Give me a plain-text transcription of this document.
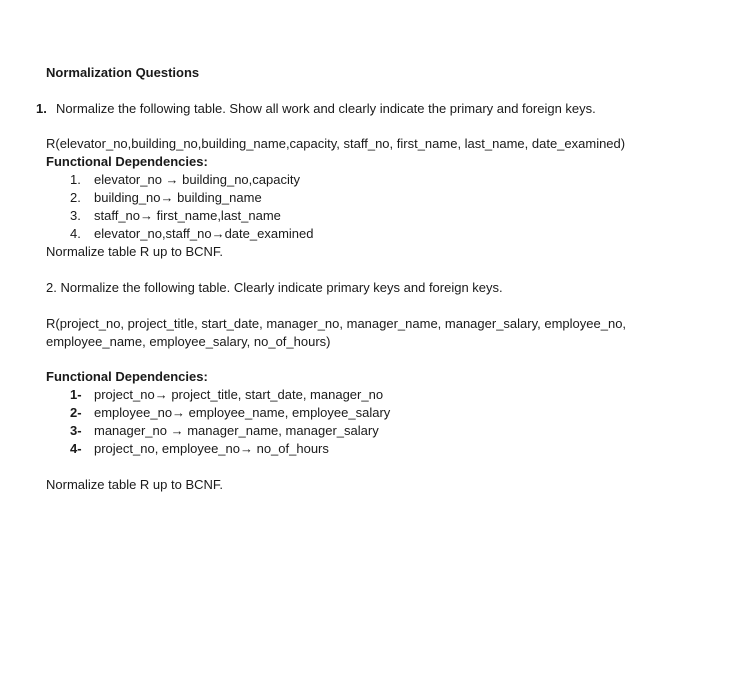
Normalization Questions
1. Normalize the following table. Show all work and clearly indicate the primary and foreign keys.
R(elevator_no,building_no,building_name,capacity, staff_no, first_name, last_name, date_examined)
Functional Dependencies:
1. elevator_no → building_no,capacity
2. building_no→ building_name
3. staff_no→ first_name,last_name
4. elevator_no,staff_no→date_examined
Normalize table R up to BCNF.
2. Normalize the following table. Clearly indicate primary keys and foreign keys.
R(project_no, project_title, start_date, manager_no, manager_name, manager_salary, employee_no,
employee_name, employee_salary, no_of_hours)
Functional Dependencies:
1- project_no→ project_title, start_date, manager_no
2- employee_no→ employee_name, employee_salary
3- manager_no → manager_name, manager_salary
4- project_no, employee_no→ no_of_hours
Normalize table R up to BCNF.
